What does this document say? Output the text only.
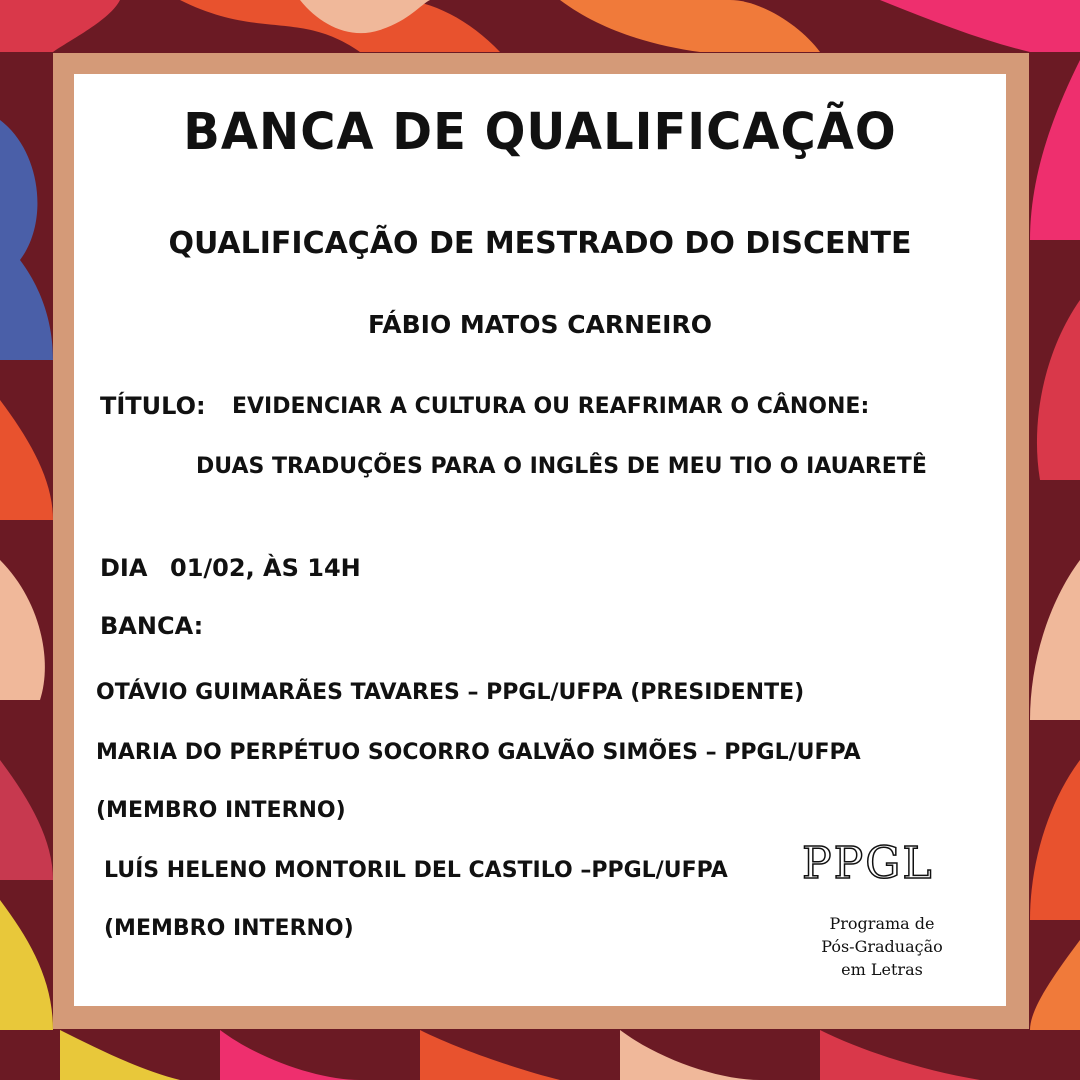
BANCA DE QUALIFICAÇÃO
QUALIFICAÇÃO DE MESTRADO DO DISCENTE
FÁBIO MATOS CARNEIRO
TÍTULO: EVIDENCIAR A CULTURA OU REAFRIMAR O CÂNONE:
DUAS TRADUÇÕES PARA O INGLÊS DE MEU TIO O IAUARETÊ
DIA 01/02, ÀS 14H
BANCA:
OTÁVIO GUIMARÃES TAVARES – PPGL/UFPA (PRESIDENTE)
MARIA DO PERPÉTUO SOCORRO GALVÃO SIMÕES – PPGL/UFPA
(MEMBRO INTERNO)
LUÍS HELENO MONTORIL DEL CASTILO –PPGL/UFPA
(MEMBRO INTERNO)
PPGL
Programa de
Pós-Graduação
em Letras
